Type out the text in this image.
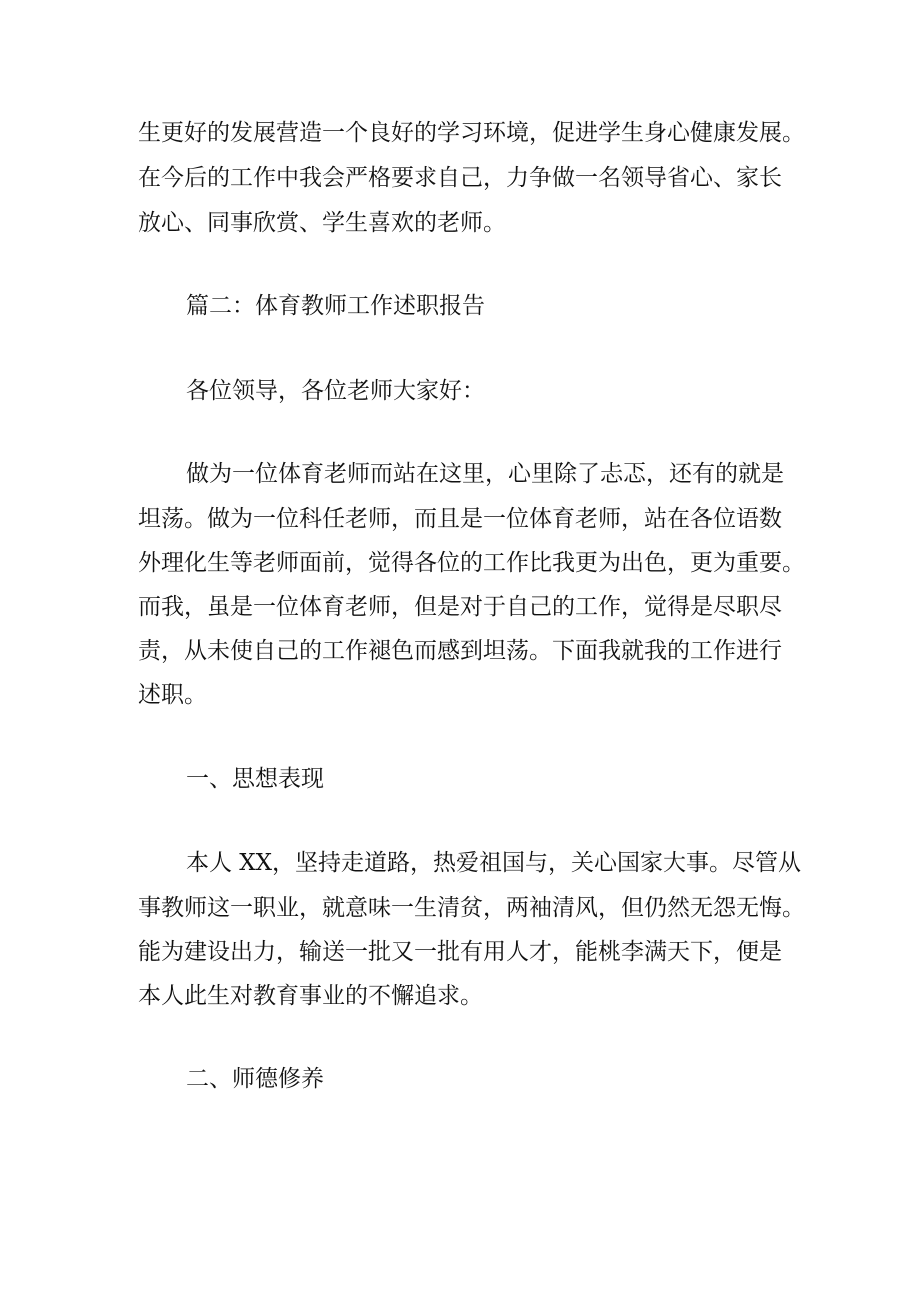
生更好的发展营造一个良好的学习环境，促进学生身心健康发展。
在今后的工作中我会严格要求自己，力争做一名领导省心、家长
放心、同事欣赏、学生喜欢的老师。
篇二：体育教师工作述职报告
各位领导，各位老师大家好：
做为一位体育老师而站在这里，心里除了忐忑，还有的就是
坦荡。做为一位科任老师，而且是一位体育老师，站在各位语数
外理化生等老师面前，觉得各位的工作比我更为出色，更为重要。
而我，虽是一位体育老师，但是对于自己的工作，觉得是尽职尽
责，从未使自己的工作褪色而感到坦荡。下面我就我的工作进行
述职。
一、思想表现
本人 XX，坚持走道路，热爱祖国与，关心国家大事。尽管从
事教师这一职业，就意味一生清贫，两袖清风，但仍然无怨无悔。
能为建设出力，输送一批又一批有用人才，能桃李满天下，便是
本人此生对教育事业的不懈追求。
二、师德修养
